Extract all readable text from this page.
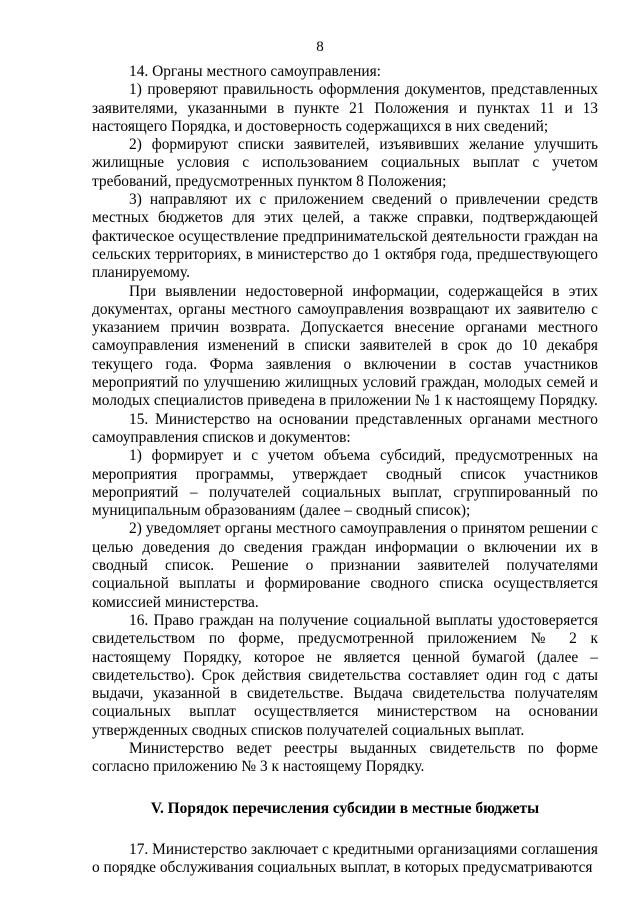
8

14. Органы местного самоуправления:

1) проверяют правильность оформления документов, представленных заявителями, указанными в пункте 21 Положения и пунктах 11 и 13 настоящего Порядка, и достоверность содержащихся в них сведений;

2) формируют списки заявителей, изъявивших желание улучшить жилищные условия с использованием социальных выплат с учетом требований, предусмотренных пунктом 8 Положения;

3) направляют их с приложением сведений о привлечении средств местных бюджетов для этих целей, а также справки, подтверждающей фактическое осуществление предпринимательской деятельности граждан на сельских территориях, в министерство до 1 октября года, предшествующего планируемому.

При выявлении недостоверной информации, содержащейся в этих документах, органы местного самоуправления возвращают их заявителю с указанием причин возврата. Допускается внесение органами местного самоуправления изменений в списки заявителей в срок до 10 декабря текущего года. Форма заявления о включении в состав участников мероприятий по улучшению жилищных условий граждан, молодых семей и молодых специалистов приведена в приложении № 1 к настоящему Порядку.

15. Министерство на основании представленных органами местного самоуправления списков и документов:

1) формирует и с учетом объема субсидий, предусмотренных на мероприятия программы, утверждает сводный список участников мероприятий – получателей социальных выплат, сгруппированный по муниципальным образованиям (далее – сводный список);

2) уведомляет органы местного самоуправления о принятом решении с целью доведения до сведения граждан информации о включении их в сводный список. Решение о признании заявителей получателями социальной выплаты и формирование сводного списка осуществляется комиссией министерства.

16. Право граждан на получение социальной выплаты удостоверяется свидетельством по форме, предусмотренной приложением № 2 к настоящему Порядку, которое не является ценной бумагой (далее – свидетельство). Срок действия свидетельства составляет один год с даты выдачи, указанной в свидетельстве. Выдача свидетельства получателям социальных выплат осуществляется министерством на основании утвержденных сводных списков получателей социальных выплат.

Министерство ведет реестры выданных свидетельств по форме согласно приложению № 3 к настоящему Порядку.

V. Порядок перечисления субсидии в местные бюджеты

17. Министерство заключает с кредитными организациями соглашения о порядке обслуживания социальных выплат, в которых предусматриваются
